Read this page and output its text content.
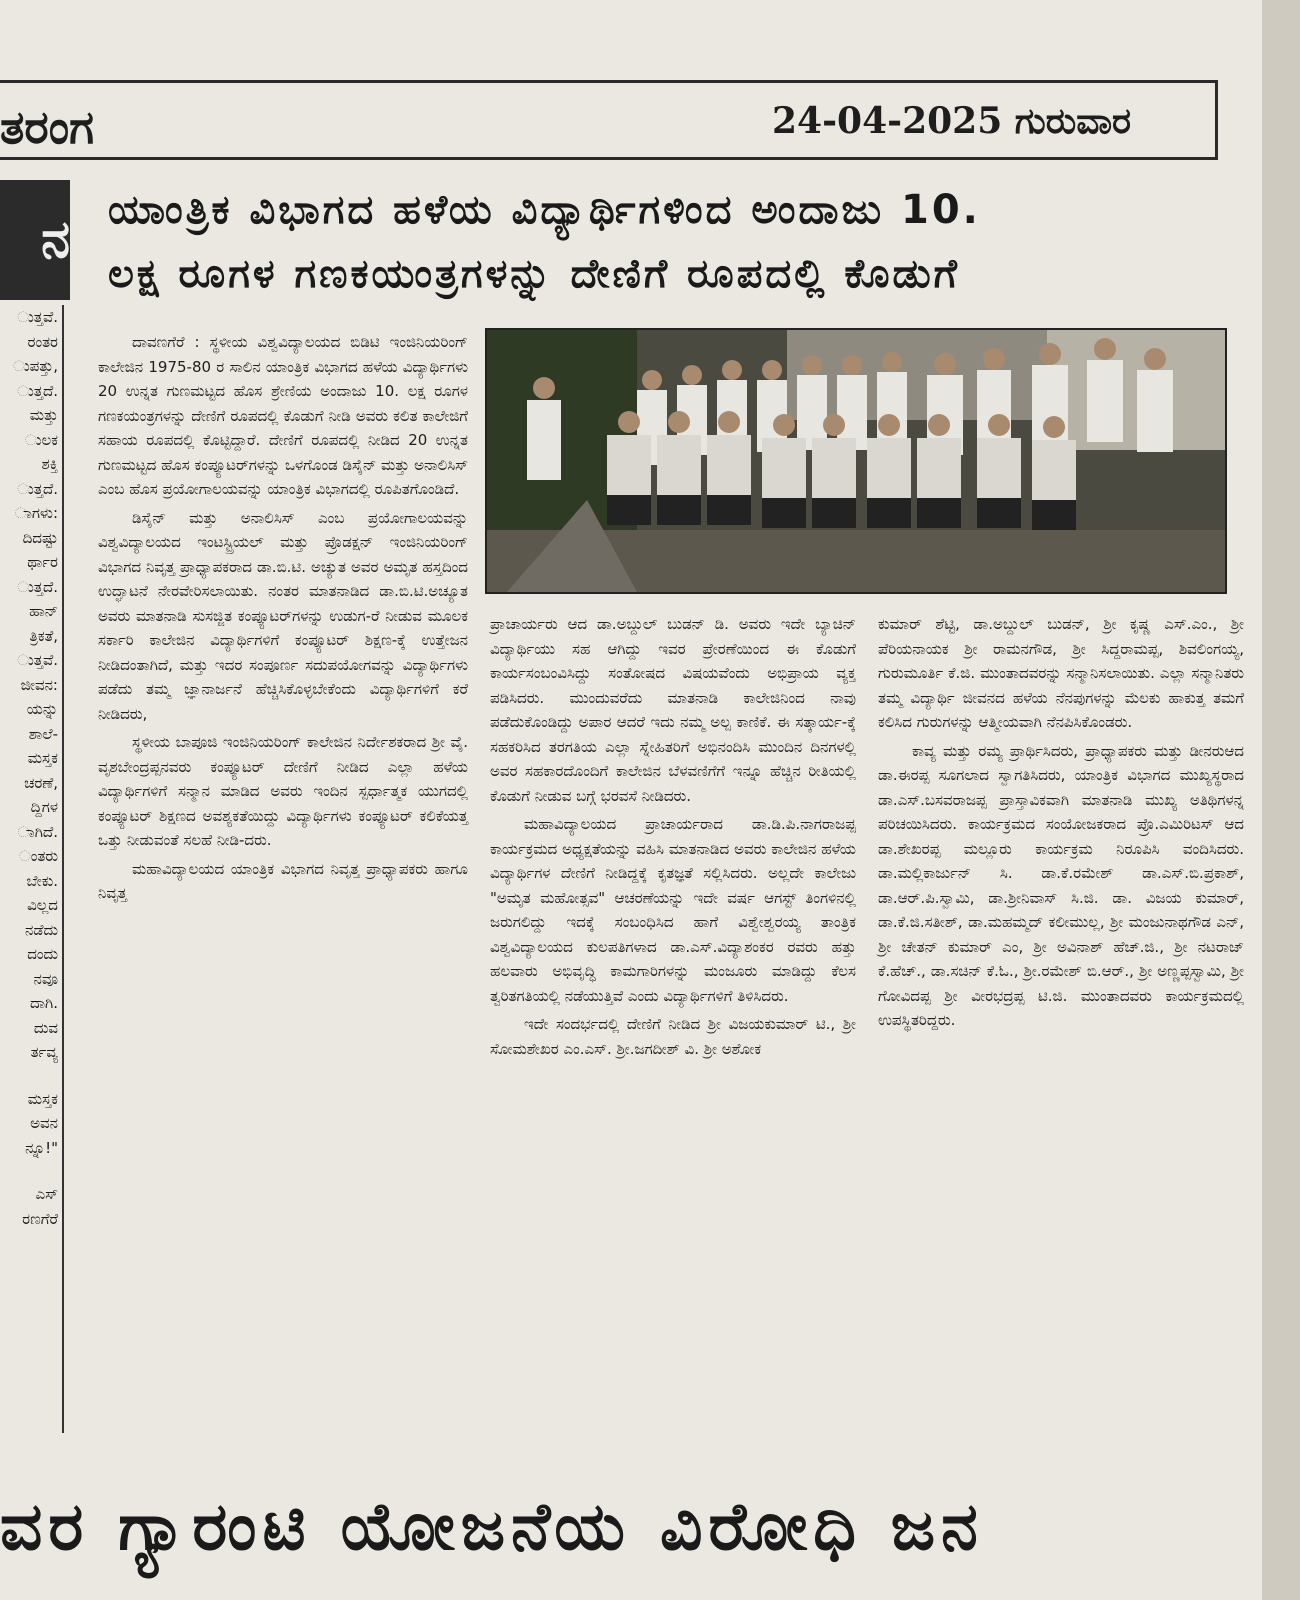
ತರಂಗ	24-04-2025 ಗುರುವಾರ
ನ
ುತ್ತವೆ.
ರಂತರ
ುಪತ್ತು,
ುತ್ತದೆ.
ಮತ್ತು
ುಲಕ
ಶಕ್ತಿ
ುತ್ತದೆ.
ಾಗಳು:
ದಿದಷ್ಟು
ರ್ಥಾರ
ುತ್ತದೆ.
ಹಾನ್
ತ್ರಿಕತೆ,
ುತ್ತವೆ.
ಜೀವನ:
ಯನ್ನು
ಶಾಲೆ-
ಮಸ್ತಕ
ಚರಣೆ,
ದ್ದಿಗಳ
ಾಗಿದೆ.
ಂತರು
ಬೇಕು.
ವಿಲ್ಲದ
ನಡೆದು
ದಂದು
ನವೂ
ದಾಗಿ.
ದುವ
ರ್ತವ್ಯ
ಮಸ್ತಕ
ಅವನ
ನ್ನೂ!"
ಎಸ್
ರಣಗೆರೆ
ಯಾಂತ್ರಿಕ ವಿಭಾಗದ ಹಳೆಯ ವಿದ್ಯಾರ್ಥಿಗಳಿಂದ ಅಂದಾಜು 10.
ಲಕ್ಷ ರೂಗಳ ಗಣಕಯಂತ್ರಗಳನ್ನು ದೇಣಿಗೆ ರೂಪದಲ್ಲಿ ಕೊಡುಗೆ

ದಾವಣಗೆರೆ : ಸ್ಥಳೀಯ ವಿಶ್ವವಿದ್ಯಾಲಯದ ಬಿಡಿಟಿ ಇಂಜಿನಿಯರಿಂಗ್ ಕಾಲೇಜಿನ 1975-80 ರ ಸಾಲಿನ ಯಾಂತ್ರಿಕ ವಿಭಾಗದ ಹಳೆಯ ವಿದ್ಯಾರ್ಥಿಗಳು 20 ಉನ್ನತ ಗುಣಮಟ್ಟದ ಹೊಸ ಶ್ರೇಣಿಯ ಅಂದಾಜು 10. ಲಕ್ಷ ರೂಗಳ ಗಣಕಯಂತ್ರಗಳನ್ನು ದೇಣಿಗೆ ರೂಪದಲ್ಲಿ ಕೊಡುಗೆ ನೀಡಿ ಅವರು ಕಲಿತ ಕಾಲೇಜಿಗೆ ಸಹಾಯ ರೂಪದಲ್ಲಿ ಕೊಟ್ಟಿದ್ದಾರೆ. ದೇಣಿಗೆ ರೂಪದಲ್ಲಿ ನೀಡಿದ 20 ಉನ್ನತ ಗುಣಮಟ್ಟದ ಹೊಸ ಕಂಪ್ಯೂಟರ್‌ಗಳನ್ನು ಒಳಗೊಂಡ ಡಿಸೈನ್ ಮತ್ತು ಅನಾಲಿಸಿಸ್ ಎಂಬ ಹೊಸ ಪ್ರಯೋಗಾಲಯವನ್ನು ಯಾಂತ್ರಿಕ ವಿಭಾಗದಲ್ಲಿ ರೂಪಿತಗೊಂಡಿದೆ.

ಡಿಸೈನ್ ಮತ್ತು ಅನಾಲಿಸಿಸ್ ಎಂಬ ಪ್ರಯೋಗಾಲಯವನ್ನು ವಿಶ್ವವಿದ್ಯಾಲಯದ ಇಂಟಸ್ಟ್ರಿಯಲ್ ಮತ್ತು ಪ್ರೊಡಕ್ಷನ್ ಇಂಜಿನಿಯರಿಂಗ್ ವಿಭಾಗದ ನಿವೃತ್ತ ಪ್ರಾಧ್ಯಾಪಕರಾದ ಡಾ.ಬಿ.ಟಿ. ಅಚ್ಯುತ ಅವರ ಅಮೃತ ಹಸ್ತದಿಂದ ಉದ್ಘಾಟನೆ ನೇರವೇರಿಸಲಾಯಿತು. ನಂತರ ಮಾತನಾಡಿದ ಡಾ.ಬಿ.ಟಿ.ಅಚ್ಯೂತ ಅವರು ಮಾತನಾಡಿ ಸುಸಜ್ಜಿತ ಕಂಪ್ಯೂಟರ್‌ಗಳನ್ನು ಉಡುಗ-ರೆ ನೀಡುವ ಮೂಲಕ ಸರ್ಕಾರಿ ಕಾಲೇಜಿನ ವಿದ್ಯಾರ್ಥಿಗಳಿಗೆ ಕಂಪ್ಯೂಟರ್ ಶಿಕ್ಷಣ-ಕ್ಕೆ ಉತ್ತೇಜನ ನೀಡಿದಂತಾಗಿದೆ, ಮತ್ತು ಇದರ ಸಂಪೂರ್ಣ ಸದುಪಯೋಗವನ್ನು ವಿದ್ಯಾರ್ಥಿಗಳು ಪಡೆದು ತಮ್ಮ ಜ್ಞಾನಾರ್ಜನೆ ಹೆಚ್ಚಿಸಿಕೊಳ್ಳಬೇಕೆಂದು ವಿದ್ಯಾರ್ಥಿಗಳಿಗೆ ಕರೆ ನೀಡಿದರು,

ಸ್ಥಳೀಯ ಬಾಪೂಜಿ ಇಂಜಿನಿಯರಿಂಗ್ ಕಾಲೇಜಿನ ನಿರ್ದೇಶಕರಾದ ಶ್ರೀ ವೈ. ವೃಶಬೇಂದ್ರಪ್ಪನವರು ಕಂಪ್ಯೂಟರ್ ದೇಣಿಗೆ ನೀಡಿದ ಎಲ್ಲಾ ಹಳೆಯ ವಿದ್ಯಾರ್ಥಿಗಳಿಗೆ ಸನ್ಮಾನ ಮಾಡಿದ ಅವರು ಇಂದಿನ ಸ್ಪರ್ಧಾತ್ಮಕ ಯುಗದಲ್ಲಿ ಕಂಪ್ಯೂಟರ್ ಶಿಕ್ಷಣದ ಅವಶ್ಯಕತೆಯಿದ್ದು ವಿದ್ಯಾರ್ಥಿಗಳು ಕಂಪ್ಯೂಟರ್ ಕಲಿಕೆಯತ್ತ ಒತ್ತು ನೀಡುವಂತೆ ಸಲಹೆ ನೀಡಿ-ದರು.

ಮಹಾವಿದ್ಯಾಲಯದ ಯಾಂತ್ರಿಕ ವಿಭಾಗದ ನಿವೃತ್ತ ಪ್ರಾಧ್ಯಾಪಕರು ಹಾಗೂ ನಿವೃತ್ತ

ಪ್ರಾಚಾರ್ಯರು ಆದ ಡಾ.ಅಬ್ದುಲ್ ಬುಡನ್ ಡಿ. ಅವರು ಇದೇ ಬ್ಯಾಚಿನ್ ವಿದ್ಯಾರ್ಥಿಯು ಸಹ ಆಗಿದ್ದು ಇವರ ಪ್ರೇರಣೆಯಿಂದ ಈ ಕೊಡುಗೆ ಕಾರ್ಯಸಂಬಂವಿಸಿದ್ದು ಸಂತೋಷದ ವಿಷಯವೆಂದು ಅಭಿಪ್ರಾಯ ವ್ಯಕ್ತ ಪಡಿಸಿದರು. ಮುಂದುವರೆದು ಮಾತನಾಡಿ ಕಾಲೇಜಿನಿಂದ ನಾವು ಪಡೆದುಕೊಂಡಿದ್ದು ಅಪಾರ ಆದರೆ ಇದು ನಮ್ಮ ಅಲ್ಪ ಕಾಣಿಕೆ. ಈ ಸತ್ಕಾರ್ಯ-ಕ್ಕೆ ಸಹಕರಿಸಿದ ತರಗತಿಯ ಎಲ್ಲಾ ಸ್ನೇಹಿತರಿಗೆ ಅಭಿನಂದಿಸಿ ಮುಂದಿನ ದಿನಗಳಲ್ಲಿ ಅವರ ಸಹಕಾರದೊಂದಿಗೆ ಕಾಲೇಜಿನ ಬೆಳವಣಿಗೆಗೆ ಇನ್ನೂ ಹೆಚ್ಚಿನ ರೀತಿಯಲ್ಲಿ ಕೊಡುಗೆ ನೀಡುವ ಬಗ್ಗೆ ಭರವಸೆ ನೀಡಿದರು.

ಮಹಾವಿದ್ಯಾಲಯದ ಪ್ರಾಚಾರ್ಯರಾದ ಡಾ.ಡಿ.ಪಿ.ನಾಗರಾಜಪ್ಪ ಕಾರ್ಯಕ್ರಮದ ಅಧ್ಯಕ್ಷತೆಯನ್ನು ವಹಿಸಿ ಮಾತನಾಡಿದ ಅವರು ಕಾಲೇಜಿನ ಹಳೆಯ ವಿದ್ಯಾರ್ಥಿಗಳ ದೇಣಿಗೆ ನೀಡಿದ್ದಕ್ಕೆ ಕೃತಜ್ಞತೆ ಸಲ್ಲಿಸಿದರು. ಅಲ್ಲದೇ ಕಾಲೇಜು "ಅಮೃತ ಮಹೋತ್ಸವ" ಆಚರಣೆಯನ್ನು ಇದೇ ವರ್ಷ ಆಗಸ್ಟ್ ತಿಂಗಳಿನಲ್ಲಿ ಜರುಗಲಿದ್ದು ಇದಕ್ಕೆ ಸಂಬಂಧಿಸಿದ ಹಾಗೆ ವಿಶ್ವೇಶ್ವರಯ್ಯ ತಾಂತ್ರಿಕ ವಿಶ್ವವಿದ್ಯಾಲಯದ ಕುಲಪತಿಗಳಾದ ಡಾ.ಎಸ್.ವಿದ್ಯಾಶಂಕರ ರವರು ಹತ್ತು ಹಲವಾರು ಅಭಿವೃದ್ಧಿ ಕಾಮಗಾರಿಗಳನ್ನು ಮಂಜೂರು ಮಾಡಿದ್ದು ಕೆಲಸ ತ್ವರಿತಗತಿಯಲ್ಲಿ ನಡೆಯುತ್ತಿವೆ ಎಂದು ವಿದ್ಯಾರ್ಥಿಗಳಿಗೆ ತಿಳಿಸಿದರು.

ಇದೇ ಸಂದರ್ಭದಲ್ಲಿ ದೇಣಿಗೆ ನೀಡಿದ ಶ್ರೀ ವಿಜಯಕುಮಾರ್ ಟಿ., ಶ್ರೀ ಸೋಮಶೇಖರ ಎಂ.ಎಸ್. ಶ್ರೀ.ಜಗದೀಶ್ ವಿ. ಶ್ರೀ ಅಶೋಕ

ಕುಮಾರ್ ಶೆಟ್ಟಿ, ಡಾ.ಅಬ್ದುಲ್ ಬುಡನ್, ಶ್ರೀ ಕೃಷ್ಣ ಎಸ್.ಎಂ., ಶ್ರೀ ಪೆರಿಯನಾಯಕ ಶ್ರೀ ರಾಮನಗೌಡ, ಶ್ರೀ ಸಿದ್ದರಾಮಪ್ಪ, ಶಿವಲಿಂಗಯ್ಯ, ಗುರುಮೂರ್ತಿ ಕೆ.ಜಿ. ಮುಂತಾದವರನ್ನು ಸನ್ಮಾನಿಸಲಾಯಿತು. ಎಲ್ಲಾ ಸನ್ಮಾನಿತರು ತಮ್ಮ ವಿದ್ಯಾರ್ಥಿ ಜೀವನದ ಹಳೆಯ ನೆನಪುಗಳನ್ನು ಮೆಲಕು ಹಾಕುತ್ತ ತಮಗೆ ಕಲಿಸಿದ ಗುರುಗಳನ್ನು ಆತ್ಮೀಯವಾಗಿ ನೆನಪಿಸಿಕೊಂಡರು.

ಕಾವ್ಯ ಮತ್ತು ರಮ್ಯ ಪ್ರಾರ್ಥಿಸಿದರು, ಪ್ರಾಧ್ಯಾಪಕರು ಮತ್ತು ಡೀನರುಆದ ಡಾ.ಈರಪ್ಪ ಸೂಗಲಾದ ಸ್ವಾಗತಿಸಿದರು, ಯಾಂತ್ರಿಕ ವಿಭಾಗದ ಮುಖ್ಯಸ್ಥರಾದ ಡಾ.ಎಸ್.ಬಸವರಾಜಪ್ಪ ಪ್ರಾಸ್ತಾವಿಕವಾಗಿ ಮಾತನಾಡಿ ಮುಖ್ಯ ಅತಿಥಿಗಳನ್ನ ಪರಿಚಯಿಸಿದರು. ಕಾರ್ಯಕ್ರಮದ ಸಂಯೋಜಕರಾದ ಪ್ರೊ.ಎಮಿರಿಟಸ್ ಆದ ಡಾ.ಶೇಖರಪ್ಪ ಮಲ್ಲೂರು ಕಾರ್ಯಕ್ರಮ ನಿರೂಪಿಸಿ ವಂದಿಸಿದರು. ಡಾ.ಮಲ್ಲಿಕಾರ್ಜುನ್ ಸಿ. ಡಾ.ಕೆ.ರಮೇಶ್ ಡಾ.ಎಸ್.ಬಿ.ಪ್ರಕಾಶ್, ಡಾ.ಆರ್.ಪಿ.ಸ್ವಾಮಿ, ಡಾ.ಶ್ರೀನಿವಾಸ್ ಸಿ.ಜಿ. ಡಾ. ವಿಜಯ ಕುಮಾರ್, ಡಾ.ಕೆ.ಜಿ.ಸತೀಶ್, ಡಾ.ಮಹಮ್ಮದ್ ಕಲೀಮುಲ್ಲ, ಶ್ರೀ ಮಂಜುನಾಥಗೌಡ ಎನ್, ಶ್ರೀ ಚೇತನ್ ಕುಮಾರ್ ಎಂ, ಶ್ರೀ ಅವಿನಾಶ್ ಹೆಚ್.ಜಿ., ಶ್ರೀ ನಟರಾಜ್ ಕೆ.ಹೆಚ್., ಡಾ.ಸಚಿನ್ ಕೆ.ಓ., ಶ್ರೀ.ರಮೇಶ್ ಬಿ.ಆರ್., ಶ್ರೀ ಅಣ್ಣಪ್ಪಸ್ವಾಮಿ, ಶ್ರೀ ಗೋವಿದಪ್ಪ ಶ್ರೀ ವೀರಭದ್ರಪ್ಪ ಟಿ.ಜಿ. ಮುಂತಾದವರು ಕಾರ್ಯಕ್ರಮದಲ್ಲಿ ಉಪಸ್ಥಿತರಿದ್ದರು.

ವರ ಗ್ಯಾರಂಟಿ ಯೋಜನೆಯ ವಿರೋಧಿ ಜನ
